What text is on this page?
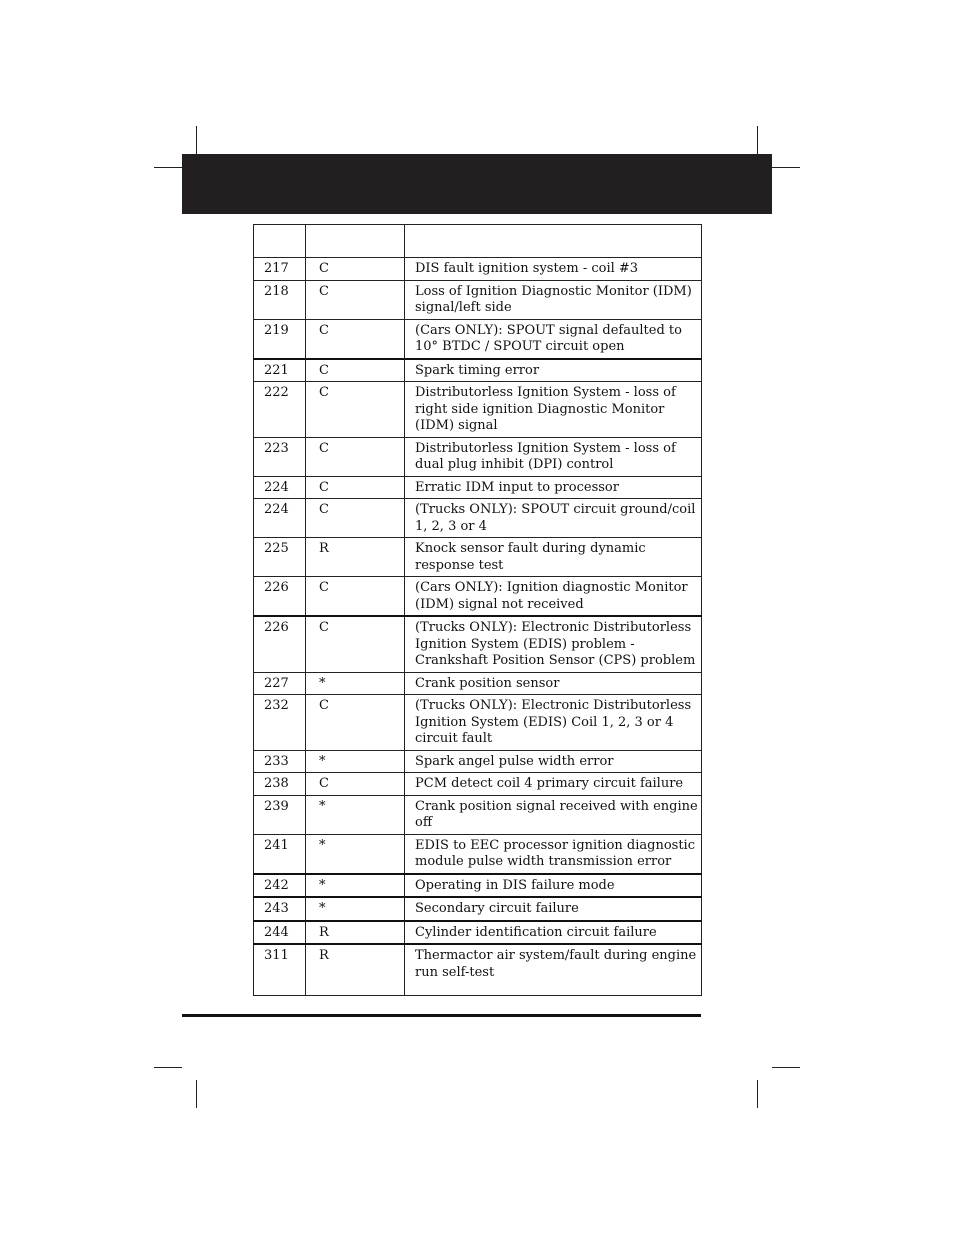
217	C	DIS fault ignition system - coil #3
218	C	Loss of Ignition Diagnostic Monitor (IDM) signal/left side
219	C	(Cars ONLY): SPOUT signal defaulted to 10° BTDC / SPOUT circuit open
221	C	Spark timing error
222	C	Distributorless Ignition System - loss of right side ignition Diagnostic Monitor (IDM) signal
223	C	Distributorless Ignition System - loss of dual plug inhibit (DPI) control
224	C	Erratic IDM input to processor
224	C	(Trucks ONLY): SPOUT circuit ground/coil 1, 2, 3 or 4
225	R	Knock sensor fault during dynamic response test
226	C	(Cars ONLY): Ignition diagnostic Monitor (IDM) signal not received
226	C	(Trucks ONLY): Electronic Distributorless Ignition System (EDIS) problem - Crankshaft Position Sensor (CPS) problem
227	*	Crank position sensor
232	C	(Trucks ONLY): Electronic Distributorless Ignition System (EDIS) Coil 1, 2, 3 or 4 circuit fault
233	*	Spark angel pulse width error
238	C	PCM detect coil 4 primary circuit failure
239	*	Crank position signal received with engine off
241	*	EDIS to EEC processor ignition diagnostic module pulse width transmission error
242	*	Operating in DIS failure mode
243	*	Secondary circuit failure
244	R	Cylinder identification circuit failure
311	R	Thermactor air system/fault during engine run self-test
